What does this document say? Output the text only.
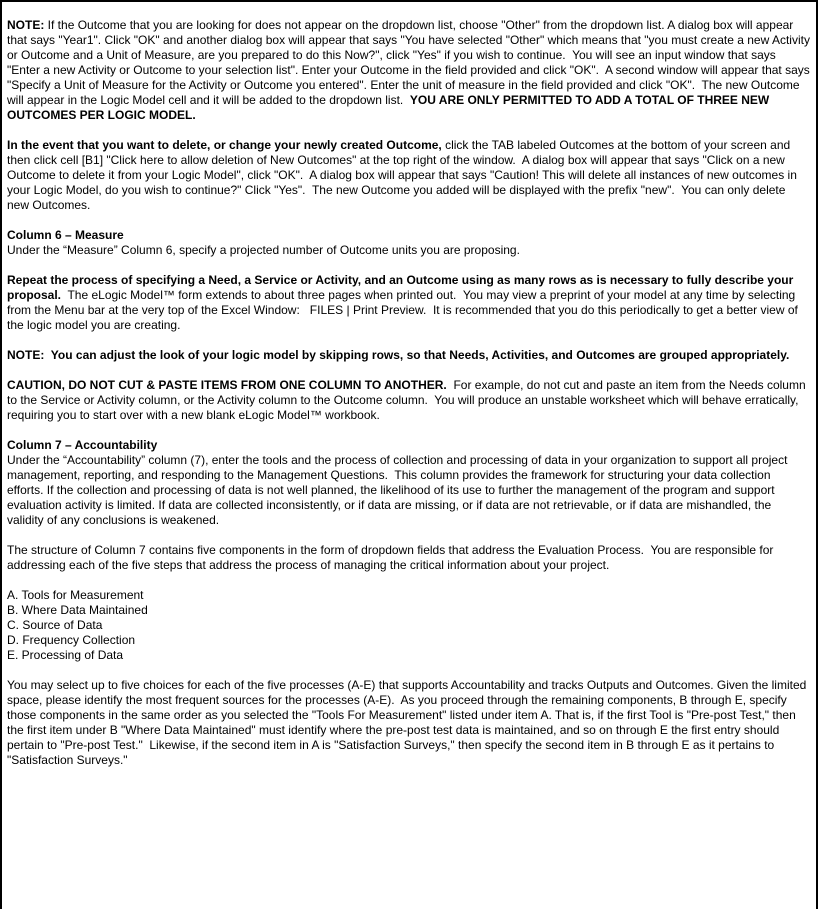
NOTE: If the Outcome that you are looking for does not appear on the dropdown list, choose "Other" from the dropdown list. A dialog box will appear that says "Year1". Click "OK" and another dialog box will appear that says "You have selected "Other" which means that "you must create a new Activity or Outcome and a Unit of Measure, are you prepared to do this Now?", click "Yes" if you wish to continue.  You will see an input window that says "Enter a new Activity or Outcome to your selection list". Enter your Outcome in the field provided and click "OK".  A second window will appear that says "Specify a Unit of Measure for the Activity or Outcome you entered". Enter the unit of measure in the field provided and click "OK".  The new Outcome will appear in the Logic Model cell and it will be added to the dropdown list.  YOU ARE ONLY PERMITTED TO ADD A TOTAL OF THREE NEW OUTCOMES PER LOGIC MODEL.
In the event that you want to delete, or change your newly created Outcome, click the TAB labeled Outcomes at the bottom of your screen and then click cell [B1] "Click here to allow deletion of New Outcomes" at the top right of the window.  A dialog box will appear that says "Click on a new Outcome to delete it from your Logic Model", click "OK".  A dialog box will appear that says "Caution! This will delete all instances of new outcomes in your Logic Model, do you wish to continue?" Click "Yes".  The new Outcome you added will be displayed with the prefix "new".  You can only delete new Outcomes.
Column 6 – Measure
Under the “Measure” Column 6, specify a projected number of Outcome units you are proposing.
Repeat the process of specifying a Need, a Service or Activity, and an Outcome using as many rows as is necessary to fully describe your proposal.  The eLogic Model™ form extends to about three pages when printed out.  You may view a preprint of your model at any time by selecting from the Menu bar at the very top of the Excel Window:   FILES | Print Preview.  It is recommended that you do this periodically to get a better view of the logic model you are creating.
NOTE:  You can adjust the look of your logic model by skipping rows, so that Needs, Activities, and Outcomes are grouped appropriately.
CAUTION, DO NOT CUT & PASTE ITEMS FROM ONE COLUMN TO ANOTHER.  For example, do not cut and paste an item from the Needs column to the Service or Activity column, or the Activity column to the Outcome column.  You will produce an unstable worksheet which will behave erratically, requiring you to start over with a new blank eLogic Model™ workbook.
Column 7 – Accountability
Under the “Accountability” column (7), enter the tools and the process of collection and processing of data in your organization to support all project management, reporting, and responding to the Management Questions.  This column provides the framework for structuring your data collection efforts. If the collection and processing of data is not well planned, the likelihood of its use to further the management of the program and support evaluation activity is limited. If data are collected inconsistently, or if data are missing, or if data are not retrievable, or if data are mishandled, the validity of any conclusions is weakened.
The structure of Column 7 contains five components in the form of dropdown fields that address the Evaluation Process.  You are responsible for addressing each of the five steps that address the process of managing the critical information about your project.
A. Tools for Measurement
B. Where Data Maintained
C. Source of Data
D. Frequency Collection
E. Processing of Data
You may select up to five choices for each of the five processes (A-E) that supports Accountability and tracks Outputs and Outcomes. Given the limited space, please identify the most frequent sources for the processes (A-E).  As you proceed through the remaining components, B through E, specify those components in the same order as you selected the "Tools For Measurement" listed under item A. That is, if the first Tool is "Pre-post Test," then the first item under B "Where Data Maintained" must identify where the pre-post test data is maintained, and so on through E the first entry should pertain to "Pre-post Test."  Likewise, if the second item in A is "Satisfaction Surveys," then specify the second item in B through E as it pertains to "Satisfaction Surveys."
